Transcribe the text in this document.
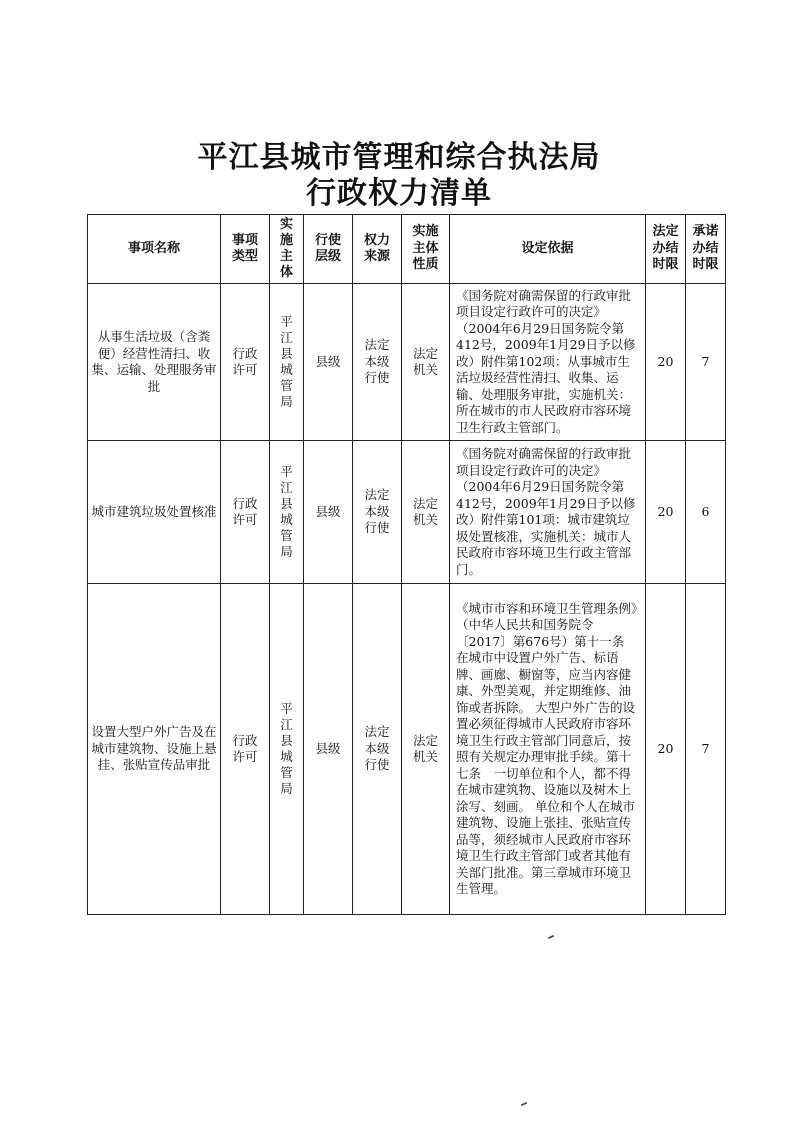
平江县城市管理和综合执法局
行政权力清单
事项名称	事项类型	实施主体	行使层级	权力来源	实施主体性质	设定依据	法定办结时限	承诺办结时限

从事生活垃圾（含粪便）经营性清扫、收集、运输、处理服务审批	行政许可	平江县城管局	县级	法定本级行使	法定机关	《国务院对确需保留的行政审批项目设定行政许可的决定》（2004年6月29日国务院令第412号，2009年1月29日予以修改）附件第102项：从事城市生活垃圾经营性清扫、收集、运输、处理服务审批，实施机关：所在城市的市人民政府市容环境卫生行政主管部门。	20	7
城市建筑垃圾处置核准	行政许可	平江县城管局	县级	法定本级行使	法定机关	《国务院对确需保留的行政审批项目设定行政许可的决定》（2004年6月29日国务院令第412号，2009年1月29日予以修改）附件第101项：城市建筑垃圾处置核准，实施机关：城市人民政府市容环境卫生行政主管部门。	20	6
设置大型户外广告及在城市建筑物、设施上悬挂、张贴宣传品审批	行政许可	平江县城管局	县级	法定本级行使	法定机关	《城市市容和环境卫生管理条例》（中华人民共和国务院令〔2017〕第676号）第十一条　在城市中设置户外广告、标语牌、画廊、橱窗等，应当内容健康、外型美观，并定期维修、油饰或者拆除。 大型户外广告的设置必须征得城市人民政府市容环境卫生行政主管部门同意后，按照有关规定办理审批手续。第十七条　一切单位和个人，都不得在城市建筑物、设施以及树木上涂写、刻画。 单位和个人在城市建筑物、设施上张挂、张贴宣传品等，须经城市人民政府市容环境卫生行政主管部门或者其他有关部门批准。第三章城市环境卫生管理。	20	7
